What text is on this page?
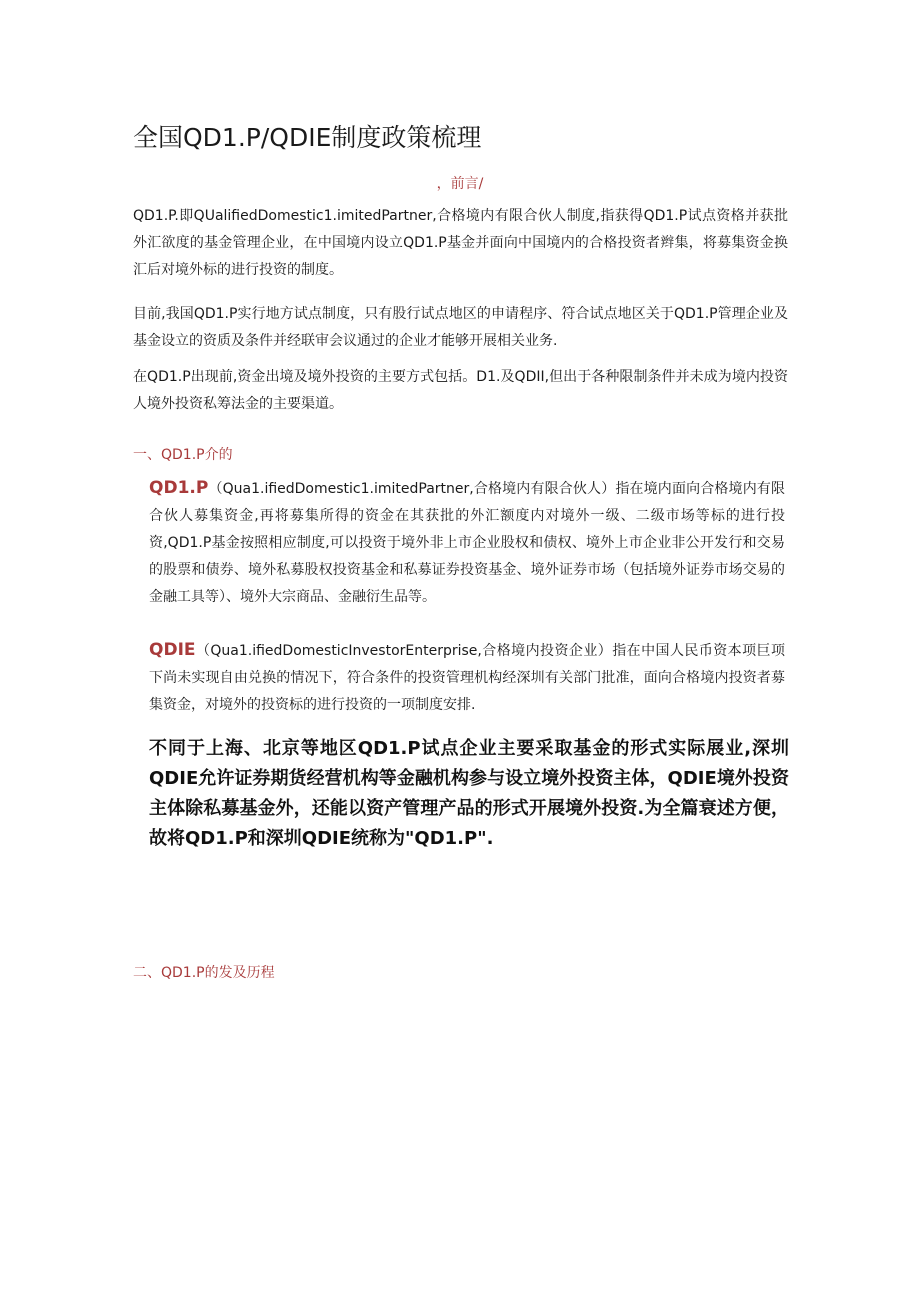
全国QD1.P/QDIE制度政策梳理
，前言/

QD1.P.即QUalifiedDomestic1.imitedPartner,合格境内有限合伙人制度,指获得QD1.P试点资格并获批外汇欲度的基金管理企业，在中国境内设立QD1.P基金并面向中国境内的合格投资者辫集，将募集资金换汇后对境外标的进行投资的制度。

目前,我国QD1.P实行地方试点制度，只有股行试点地区的申请程序、符合试点地区关于QD1.P管理企业及基金设立的资质及条件并经联审会议通过的企业才能够开展相关业务.

在QD1.P出现前,资金出境及境外投资的主要方式包括。D1.及QDII,但出于各种限制条件并未成为境内投资人境外投资私筹法金的主要渠道。

一、QD1.P介的
QD1.P（Qua1.ifiedDomestic1.imitedPartner,合格境内有限合伙人）指在境内面向合格境内有限合伙人募集资金,再将募集所得的资金在其获批的外汇额度内对境外一级、二级市场等标的进行投资,QD1.P基金按照相应制度,可以投资于境外非上市企业股权和债权、境外上市企业非公开发行和交易的股票和债券、境外私募股权投资基金和私募证券投资基金、境外证券市场（包括境外证券市场交易的金融工具等）、境外大宗商品、金融衍生品等。
QDIE（Qua1.ifiedDomesticInvestorEnterprise,合格境内投资企业）指在中国人民币资本项巨项下尚未实现自由兑换的情况下，符合条件的投资管理机构经深圳有关部门批准，面向合格境内投资者募集资金，对境外的投资标的进行投资的一项制度安排.
不同于上海、北京等地区QD1.P试点企业主要采取基金的形式实际展业,深圳QDIE允许证券期货经营机构等金融机构参与设立境外投资主体，QDIE境外投资主体除私募基金外，还能以资产管理产品的形式开展境外投资.为全篇衰述方便，故将QD1.P和深圳QDIE统称为"QD1.P".
二、QD1.P的发及历程
